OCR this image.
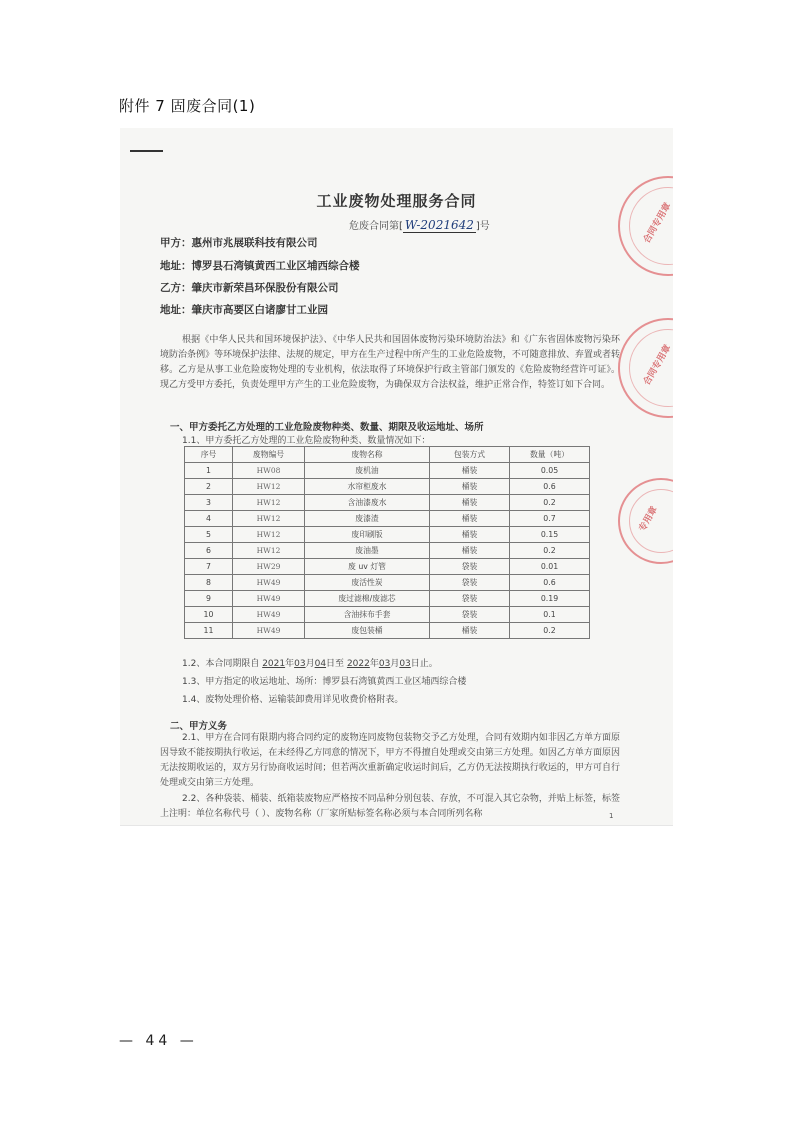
附件 7 固废合同(1)
工业废物处理服务合同
危废合同第[ W-2021642 ]号
甲方：惠州市兆展联科技有限公司
地址：博罗县石湾镇黄西工业区埔西综合楼
乙方：肇庆市新荣昌环保股份有限公司
地址：肇庆市高要区白诸廖甘工业园
根据《中华人民共和国环境保护法》、《中华人民共和国固体废物污染环境防治法》和《广东省固体废物污染环境防治条例》等环境保护法律、法规的规定，甲方在生产过程中所产生的工业危险废物，不可随意排放、弃置或者转移。乙方是从事工业危险废物处理的专业机构，依法取得了环境保护行政主管部门颁发的《危险废物经营许可证》。现乙方受甲方委托，负责处理甲方产生的工业危险废物，为确保双方合法权益，维护正常合作，特签订如下合同。
一、甲方委托乙方处理的工业危险废物种类、数量、期限及收运地址、场所
1.1、甲方委托乙方处理的工业危险废物种类、数量情况如下：
序号	废物编号	废物名称	包装方式	数量（吨）
1	HW08	废机油	桶装	0.05
2	HW12	水帘柜废水	桶装	0.6
3	HW12	含油漆废水	桶装	0.2
4	HW12	废漆渣	桶装	0.7
5	HW12	废印刷版	桶装	0.15
6	HW12	废油墨	桶装	0.2
7	HW29	废 uv 灯管	袋装	0.01
8	HW49	废活性炭	袋装	0.6
9	HW49	废过滤棉/废滤芯	袋装	0.19
10	HW49	含油抹布手套	袋装	0.1
11	HW49	废包装桶	桶装	0.2
1.2、本合同期限自 2021年03月04日至 2022年03月03日止。
1.3、甲方指定的收运地址、场所：博罗县石湾镇黄西工业区埔西综合楼
1.4、废物处理价格、运输装卸费用详见收费价格附表。
二、甲方义务
2.1、甲方在合同有限期内将合同约定的废物连同废物包装物交予乙方处理，合同有效期内如非因乙方单方面原因导致不能按期执行收运，在未经得乙方同意的情况下，甲方不得擅自处理或交由第三方处理。如因乙方单方面原因无法按期收运的，双方另行协商收运时间；但若两次重新确定收运时间后，乙方仍无法按期执行收运的，甲方可自行处理或交由第三方处理。
2.2、各种袋装、桶装、纸箱装废物应严格按不同品种分别包装、存放，不可混入其它杂物，并贴上标签，标签上注明：单位名称代号（ ）、废物名称（厂家所贴标签名称必须与本合同所列名称	1
合同专用章
合同专用章
专用章
— 44 —
